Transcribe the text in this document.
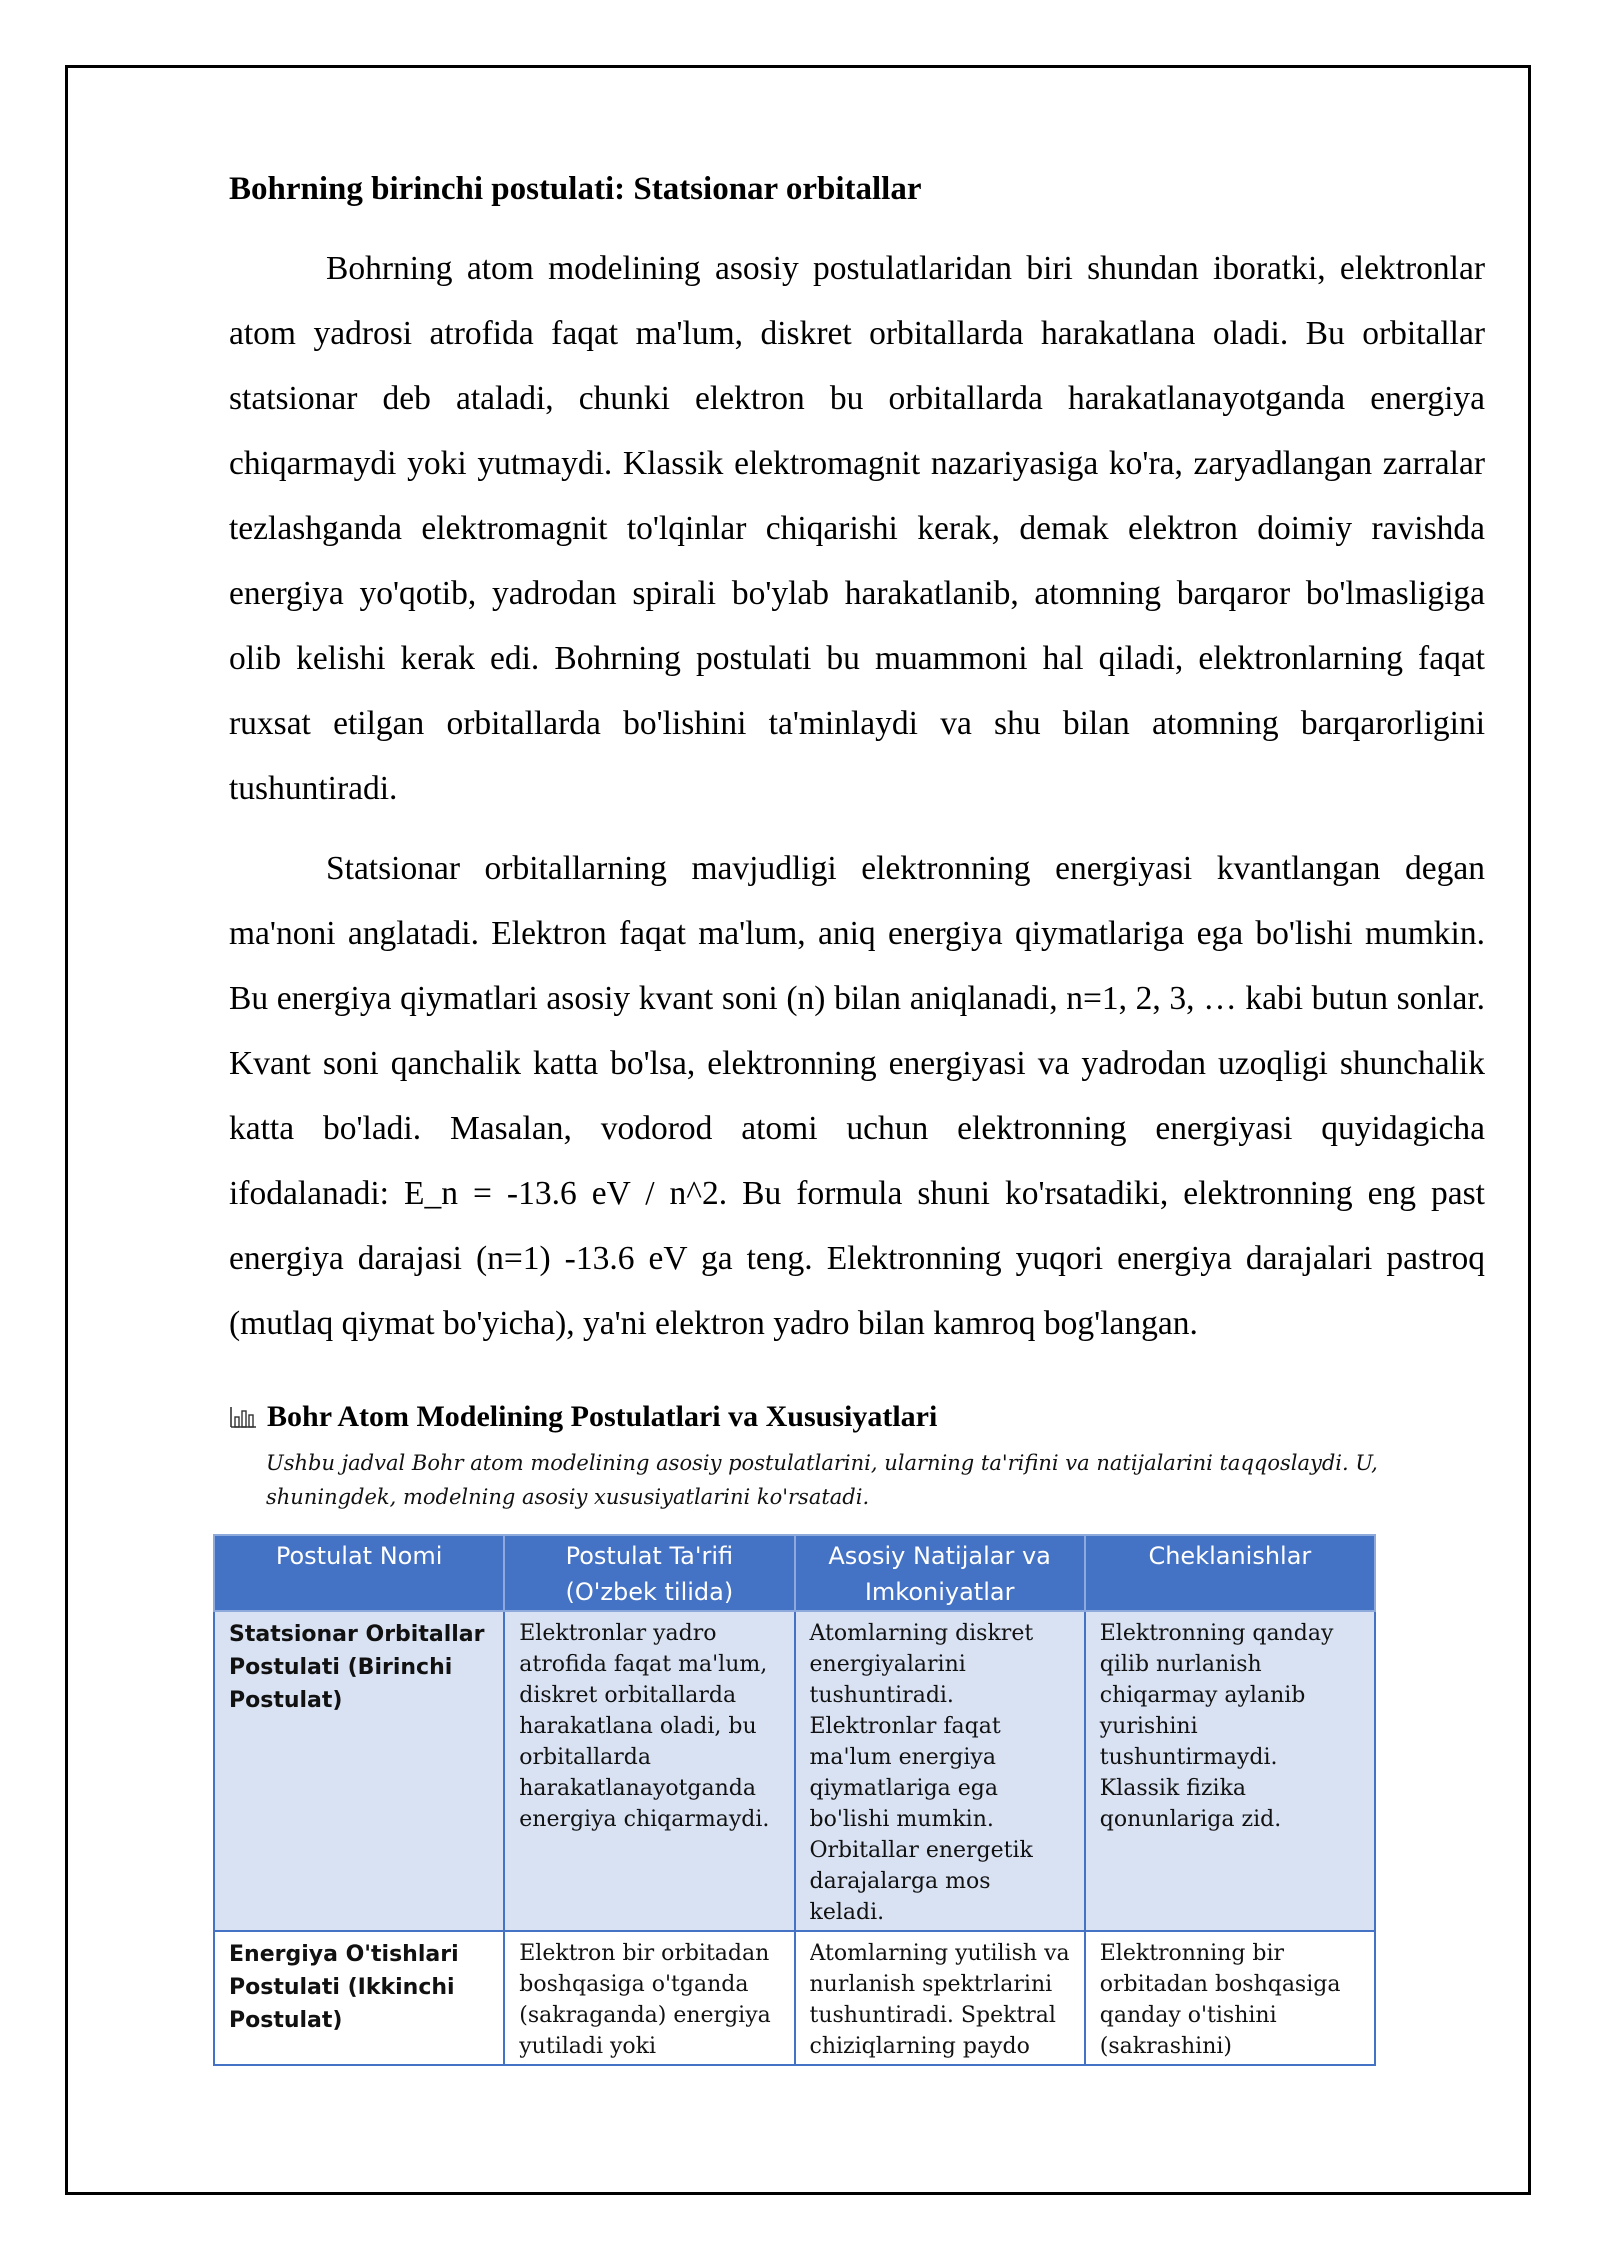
Bohrning birinchi postulati: Statsionar orbitallar

Bohrning atom modelining asosiy postulatlaridan biri shundan iboratki, elektronlar atom yadrosi atrofida faqat ma'lum, diskret orbitallarda harakatlana oladi. Bu orbitallar statsionar deb ataladi, chunki elektron bu orbitallarda harakatlanayotganda energiya chiqarmaydi yoki yutmaydi. Klassik elektromagnit nazariyasiga ko'ra, zaryadlangan zarralar tezlashganda elektromagnit to'lqinlar chiqarishi kerak, demak elektron doimiy ravishda energiya yo'qotib, yadrodan spirali bo'ylab harakatlanib, atomning barqaror bo'lmasligiga olib kelishi kerak edi. Bohrning postulati bu muammoni hal qiladi, elektronlarning faqat ruxsat etilgan orbitallarda bo'lishini ta'minlaydi va shu bilan atomning barqarorligini tushuntiradi.

Statsionar orbitallarning mavjudligi elektronning energiyasi kvantlangan degan ma'noni anglatadi. Elektron faqat ma'lum, aniq energiya qiymatlariga ega bo'lishi mumkin. Bu energiya qiymatlari asosiy kvant soni (n) bilan aniqlanadi, n=1, 2, 3, … kabi butun sonlar. Kvant soni qanchalik katta bo'lsa, elektronning energiyasi va yadrodan uzoqligi shunchalik katta bo'ladi. Masalan, vodorod atomi uchun elektronning energiyasi quyidagicha ifodalanadi: E_n = -13.6 eV / n^2. Bu formula shuni ko'rsatadiki, elektronning eng past energiya darajasi (n=1) -13.6 eV ga teng. Elektronning yuqori energiya darajalari pastroq (mutlaq qiymat bo'yicha), ya'ni elektron yadro bilan kamroq bog'langan.

Bohr Atom Modelining Postulatlari va Xususiyatlari
Ushbu jadval Bohr atom modelining asosiy postulatlarini, ularning ta'rifini va natijalarini taqqoslaydi. U, shuningdek, modelning asosiy xususiyatlarini ko'rsatadi.
Postulat Nomi	Postulat Ta'rifi (O'zbek tilida)	Asosiy Natijalar va Imkoniyatlar	Cheklanishlar
Statsionar Orbitallar Postulati (Birinchi Postulat)	Elektronlar yadro atrofida faqat ma'lum, diskret orbitallarda harakatlana oladi, bu orbitallarda harakatlanayotganda energiya chiqarmaydi.	Atomlarning diskret energiyalarini tushuntiradi. Elektronlar faqat ma'lum energiya qiymatlariga ega bo'lishi mumkin. Orbitallar energetik darajalarga mos keladi.	Elektronning qanday qilib nurlanish chiqarmay aylanib yurishini tushuntirmaydi. Klassik fizika qonunlariga zid.

Energiya O'tishlari Postulati (Ikkinchi Postulat)	Elektron bir orbitadan boshqasiga o'tganda (sakraganda) energiya yutiladi yoki	Atomlarning yutilish va nurlanish spektrlarini tushuntiradi. Spektral chiziqlarning paydo	Elektronning bir orbitadan boshqasiga qanday o'tishini (sakrashini)
